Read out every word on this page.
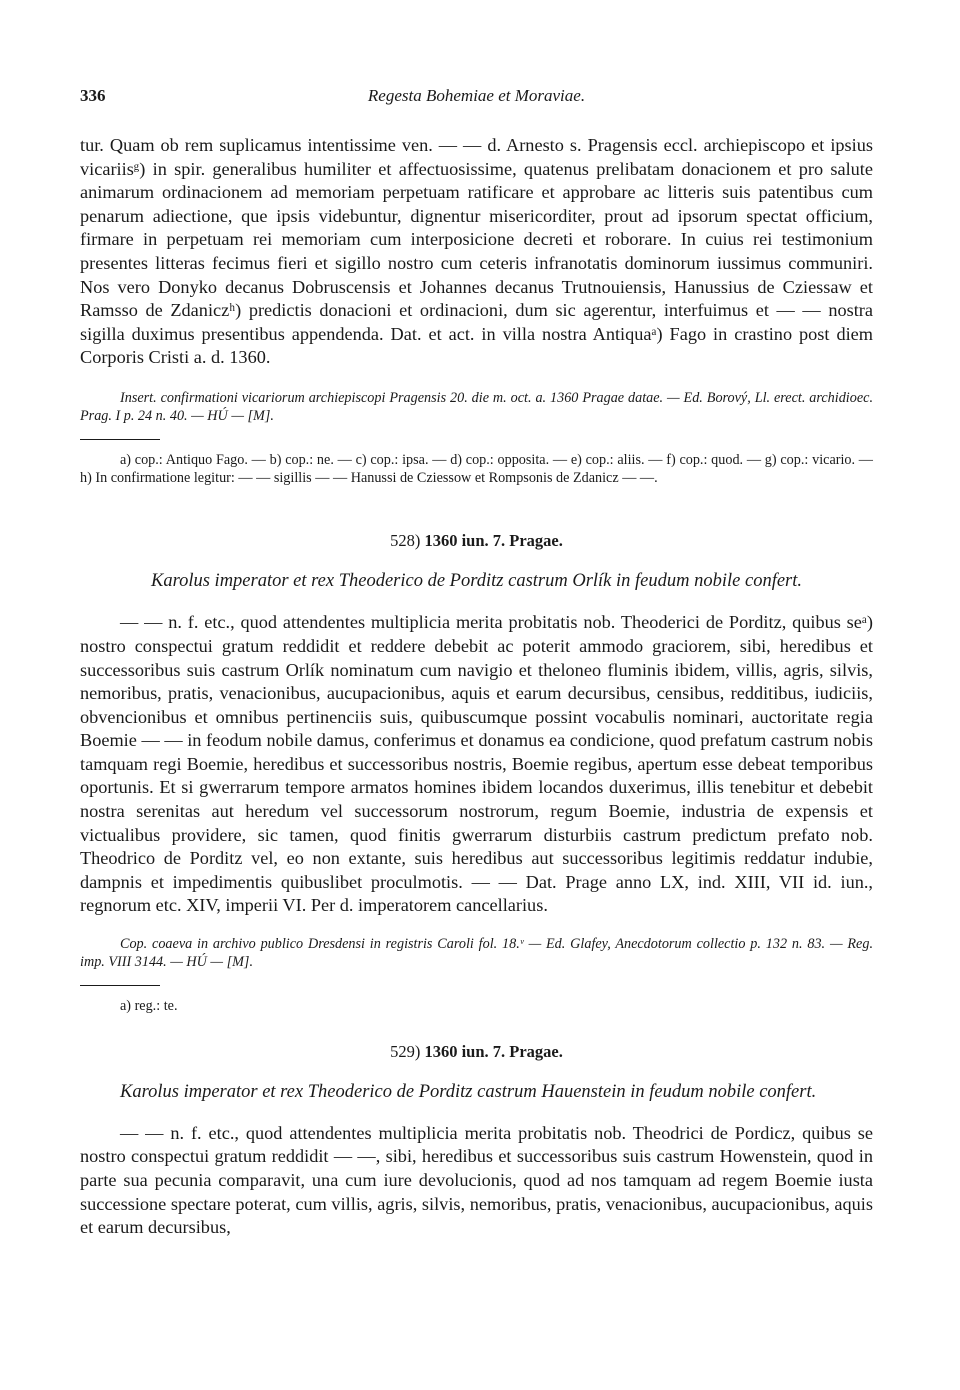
336	Regesta Bohemiae et Moraviae.

tur. Quam ob rem suplicamus intentissime ven. — — d. Arnesto s. Pragensis eccl. archiepiscopo et ipsius vicariisᵍ) in spir. generalibus humiliter et affectuosissime, quatenus prelibatam donacionem et pro salute animarum ordinacionem ad memoriam perpetuam ratificare et approbare ac litteris suis patentibus cum penarum adiectione, que ipsis videbuntur, dignentur misericorditer, prout ad ipsorum spectat officium, firmare in perpetuam rei memoriam cum interposicione decreti et roborare. In cuius rei testimonium presentes litteras fecimus fieri et sigillo nostro cum ceteris infranotatis dominorum iussimus communiri. Nos vero Donyko decanus Dobruscensis et Johannes decanus Trutnouiensis, Hanussius de Cziessaw et Ramsso de Zdaniczʰ) predictis donacioni et ordinacioni, dum sic agerentur, interfuimus et — — nostra sigilla duximus presentibus appendenda. Dat. et act. in villa nostra Antiquaᵃ) Fago in crastino post diem Corporis Cristi a. d. 1360.

Insert. confirmationi vicariorum archiepiscopi Pragensis 20. die m. oct. a. 1360 Pragae datae. — Ed. Borový, Ll. erect. archidioec. Prag. I p. 24 n. 40. — HÚ — [M].

a) cop.: Antiquo Fago. — b) cop.: ne. — c) cop.: ipsa. — d) cop.: opposita. — e) cop.: aliis. — f) cop.: quod. — g) cop.: vicario. — h) In confirmatione legitur: — — sigillis — — Hanussi de Cziessow et Rompsonis de Zdanicz — —.

528) 1360 iun. 7. Pragae.

Karolus imperator et rex Theoderico de Porditz castrum Orlík in feudum nobile confert.

— — n. f. etc., quod attendentes multiplicia merita probitatis nob. Theoderici de Porditz, quibus seᵃ) nostro conspectui gratum reddidit et reddere debebit ac poterit ammodo graciorem, sibi, heredibus et successoribus suis castrum Orlík nominatum cum navigio et theloneo fluminis ibidem, villis, agris, silvis, nemoribus, pratis, venacionibus, aucupacionibus, aquis et earum decursibus, censibus, redditibus, iudiciis, obvencionibus et omnibus pertinenciis suis, quibuscumque possint vocabulis nominari, auctoritate regia Boemie — — in feodum nobile damus, conferimus et donamus ea condicione, quod prefatum castrum nobis tamquam regi Boemie, heredibus et successoribus nostris, Boemie regibus, apertum esse debeat temporibus oportunis. Et si gwerrarum tempore armatos homines ibidem locandos duxerimus, illis tenebitur et debebit nostra serenitas aut heredum vel successorum nostrorum, regum Boemie, industria de expensis et victualibus providere, sic tamen, quod finitis gwerrarum disturbiis castrum predictum prefato nob. Theodrico de Porditz vel, eo non extante, suis heredibus aut successoribus legitimis reddatur indubie, dampnis et impedimentis quibuslibet proculmotis. — — Dat. Prage anno LX, ind. XIII, VII id. iun., regnorum etc. XIV, imperii VI. Per d. imperatorem cancellarius.

Cop. coaeva in archivo publico Dresdensi in registris Caroli fol. 18.ᵛ — Ed. Glafey, Anecdotorum collectio p. 132 n. 83. — Reg. imp. VIII 3144. — HÚ — [M].

a) reg.: te.

529) 1360 iun. 7. Pragae.

Karolus imperator et rex Theoderico de Porditz castrum Hauenstein in feudum nobile confert.

— — n. f. etc., quod attendentes multiplicia merita probitatis nob. Theodrici de Pordicz, quibus se nostro conspectui gratum reddidit — —, sibi, heredibus et successoribus suis castrum Howenstein, quod in parte sua pecunia comparavit, una cum iure devolucionis, quod ad nos tamquam ad regem Boemie iusta successione spectare poterat, cum villis, agris, silvis, nemoribus, pratis, venacionibus, aucupacionibus, aquis et earum decursibus,
